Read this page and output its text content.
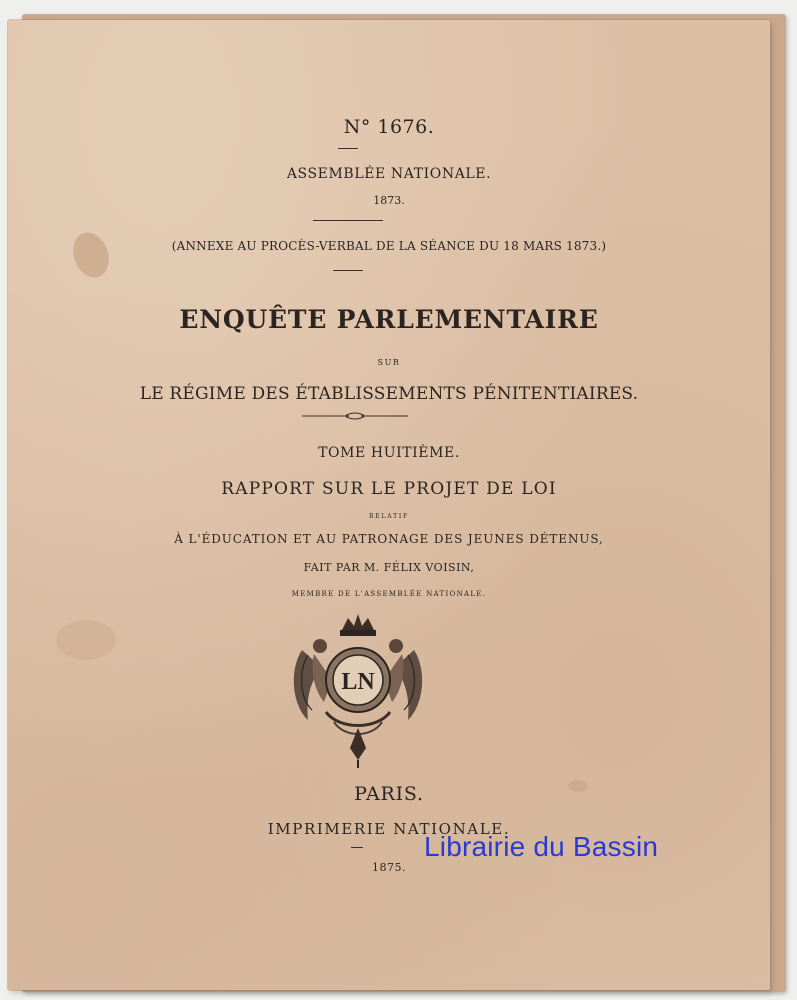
N° 1676.
ASSEMBLÉE NATIONALE.
1873.
(ANNEXE AU PROCÈS-VERBAL DE LA SÉANCE DU 18 MARS 1873.)
ENQUÊTE PARLEMENTAIRE
SUR
LE RÉGIME DES ÉTABLISSEMENTS PÉNITENTIAIRES.
TOME HUITIÈME.
RAPPORT SUR LE PROJET DE LOI
RELATIF
À L'ÉDUCATION ET AU PATRONAGE DES JEUNES DÉTENUS,
FAIT PAR M. FÉLIX VOISIN,
MEMBRE DE L'ASSEMBLÉE NATIONALE.
LN
PARIS.
IMPRIMERIE NATIONALE.
1875.
Librairie du Bassin
